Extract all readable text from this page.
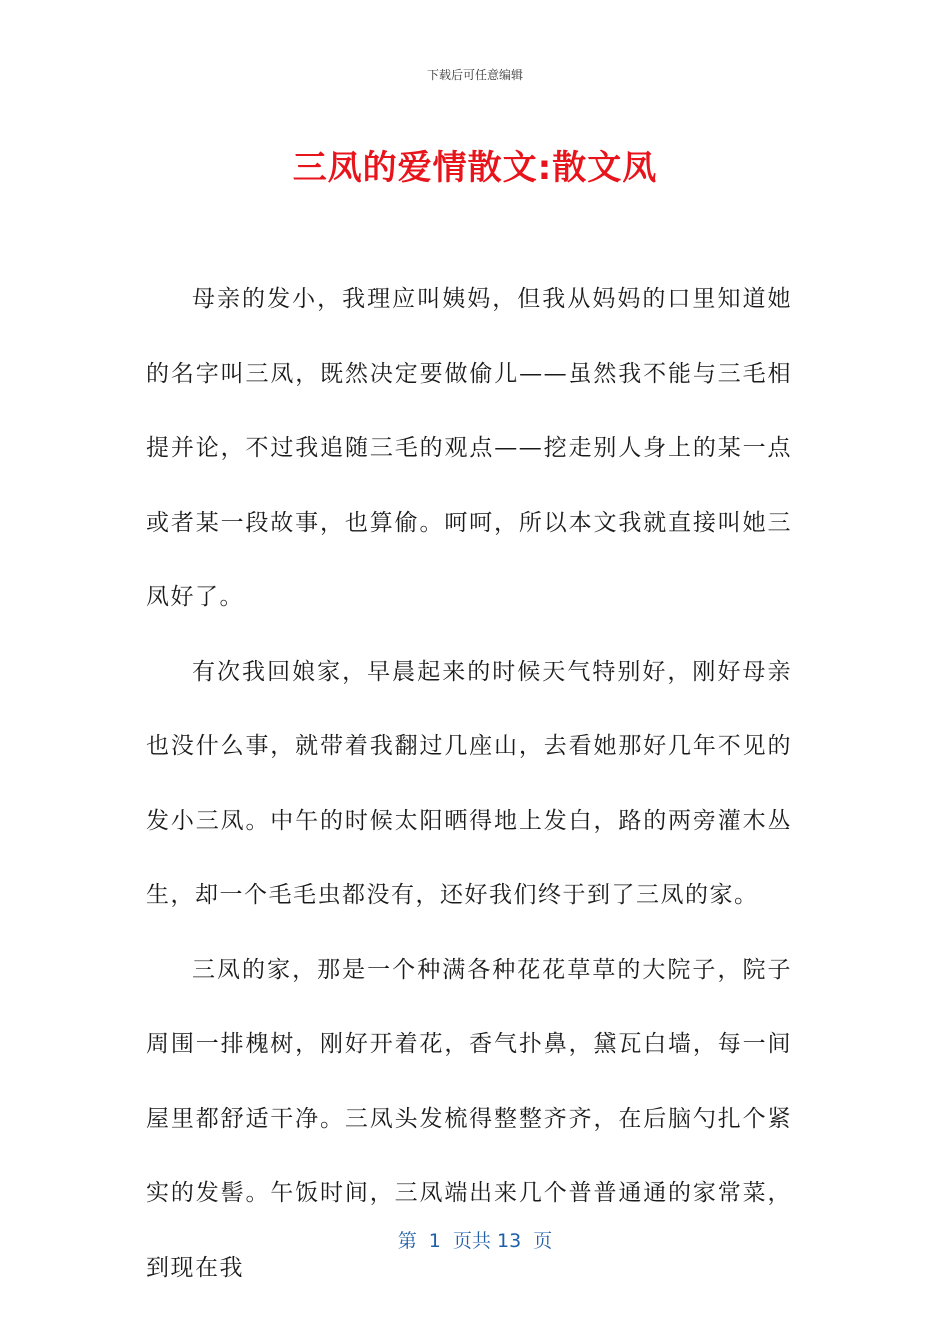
下载后可任意编辑
三凤的爱情散文:散文凤

母亲的发小，我理应叫姨妈，但我从妈妈的口里知道她的名字叫三凤，既然决定要做偷儿——虽然我不能与三毛相提并论，不过我追随三毛的观点——挖走别人身上的某一点或者某一段故事，也算偷。呵呵，所以本文我就直接叫她三凤好了。

有次我回娘家，早晨起来的时候天气特别好，刚好母亲也没什么事，就带着我翻过几座山，去看她那好几年不见的发小三凤。中午的时候太阳晒得地上发白，路的两旁灌木丛生，却一个毛毛虫都没有，还好我们终于到了三凤的家。

三凤的家，那是一个种满各种花花草草的大院子，院子周围一排槐树，刚好开着花，香气扑鼻，黛瓦白墙，每一间屋里都舒适干净。三凤头发梳得整整齐齐，在后脑勺扎个紧实的发髻。午饭时间，三凤端出来几个普普通通的家常菜，到现在我

第  1  页共 13  页
